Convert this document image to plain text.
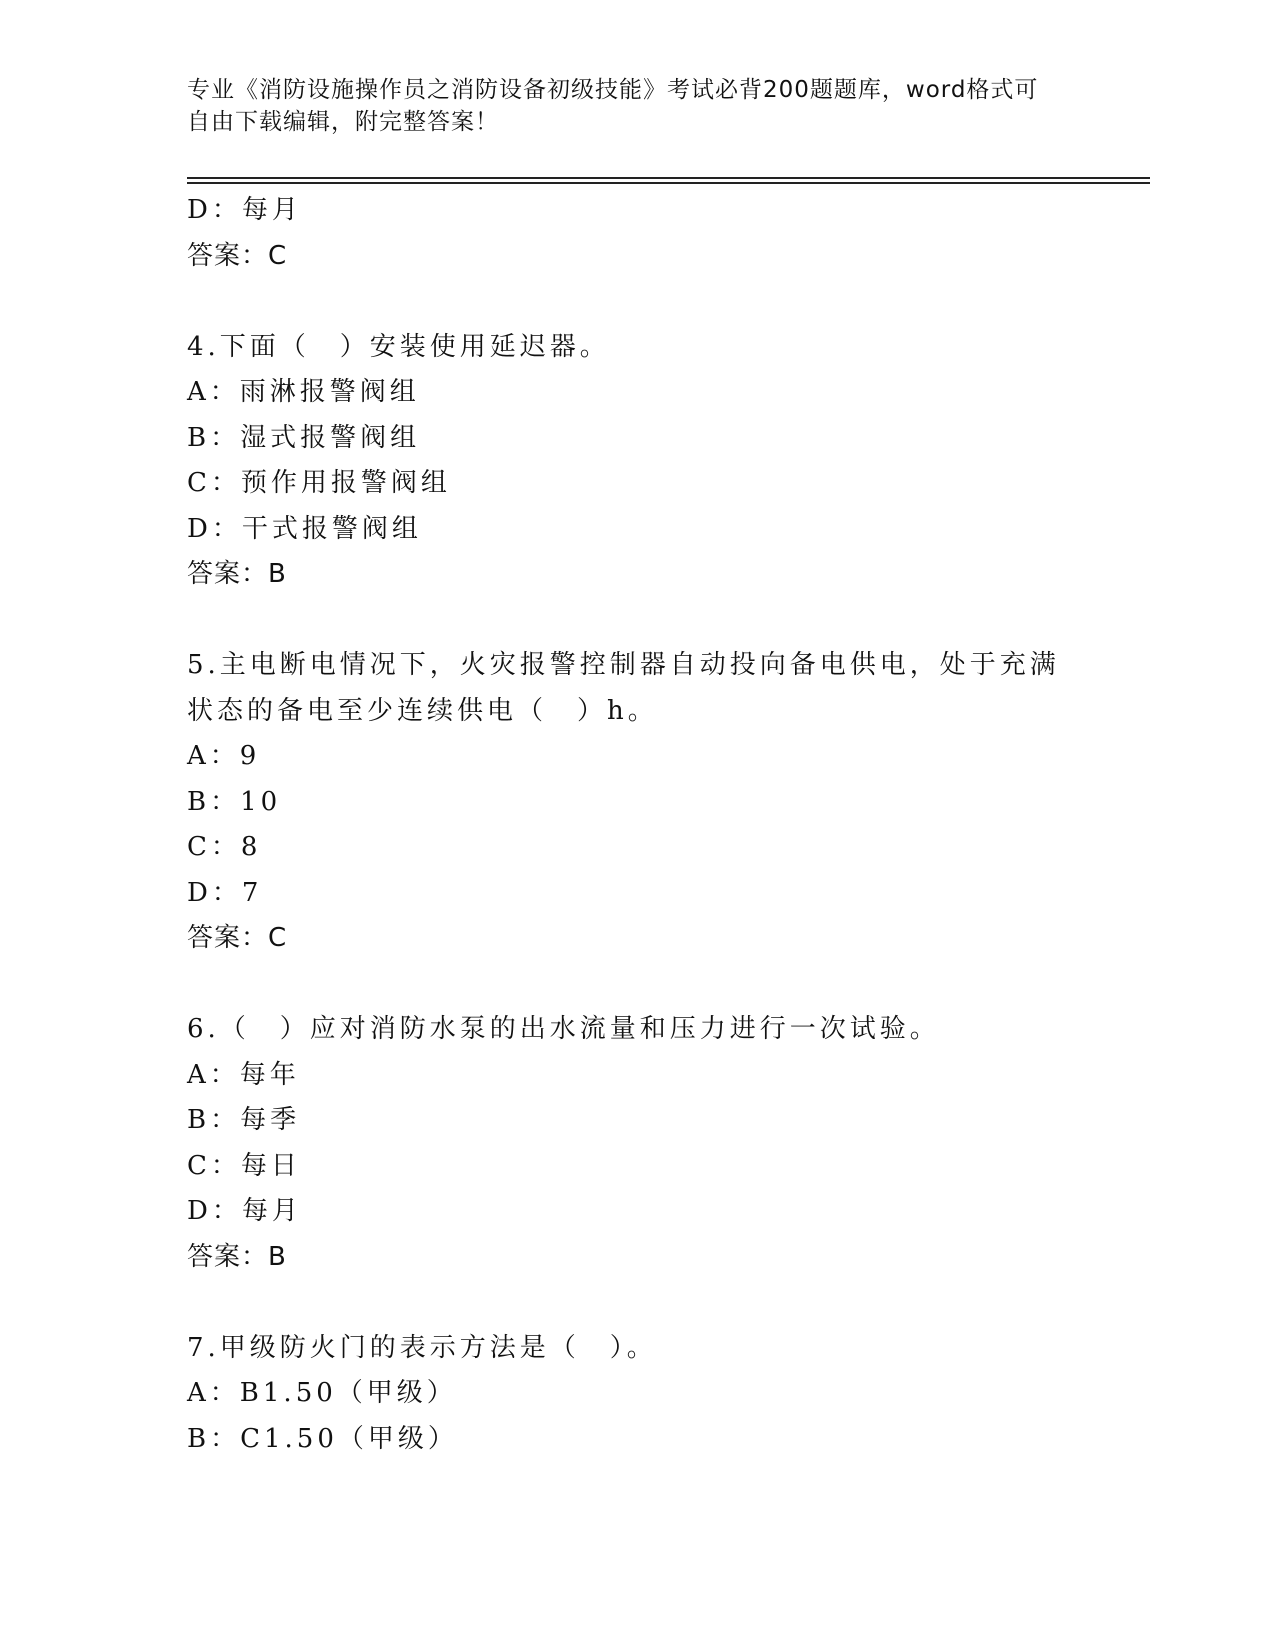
专业《消防设施操作员之消防设备初级技能》考试必背200题题库，word格式可

自由下载编辑，附完整答案！

D：每月
答案：C
4.下面（　）安装使用延迟器。
A：雨淋报警阀组
B：湿式报警阀组
C：预作用报警阀组
D：干式报警阀组
答案：B
5.主电断电情况下，火灾报警控制器自动投向备电供电，处于充满状态的备电至少连续供电（　）h。
A：9
B：10
C：8
D：7
答案：C
6.（　）应对消防水泵的出水流量和压力进行一次试验。
A：每年
B：每季
C：每日
D：每月
答案：B
7.甲级防火门的表示方法是（　）。
A：B1.50（甲级）
B：C1.50（甲级）
